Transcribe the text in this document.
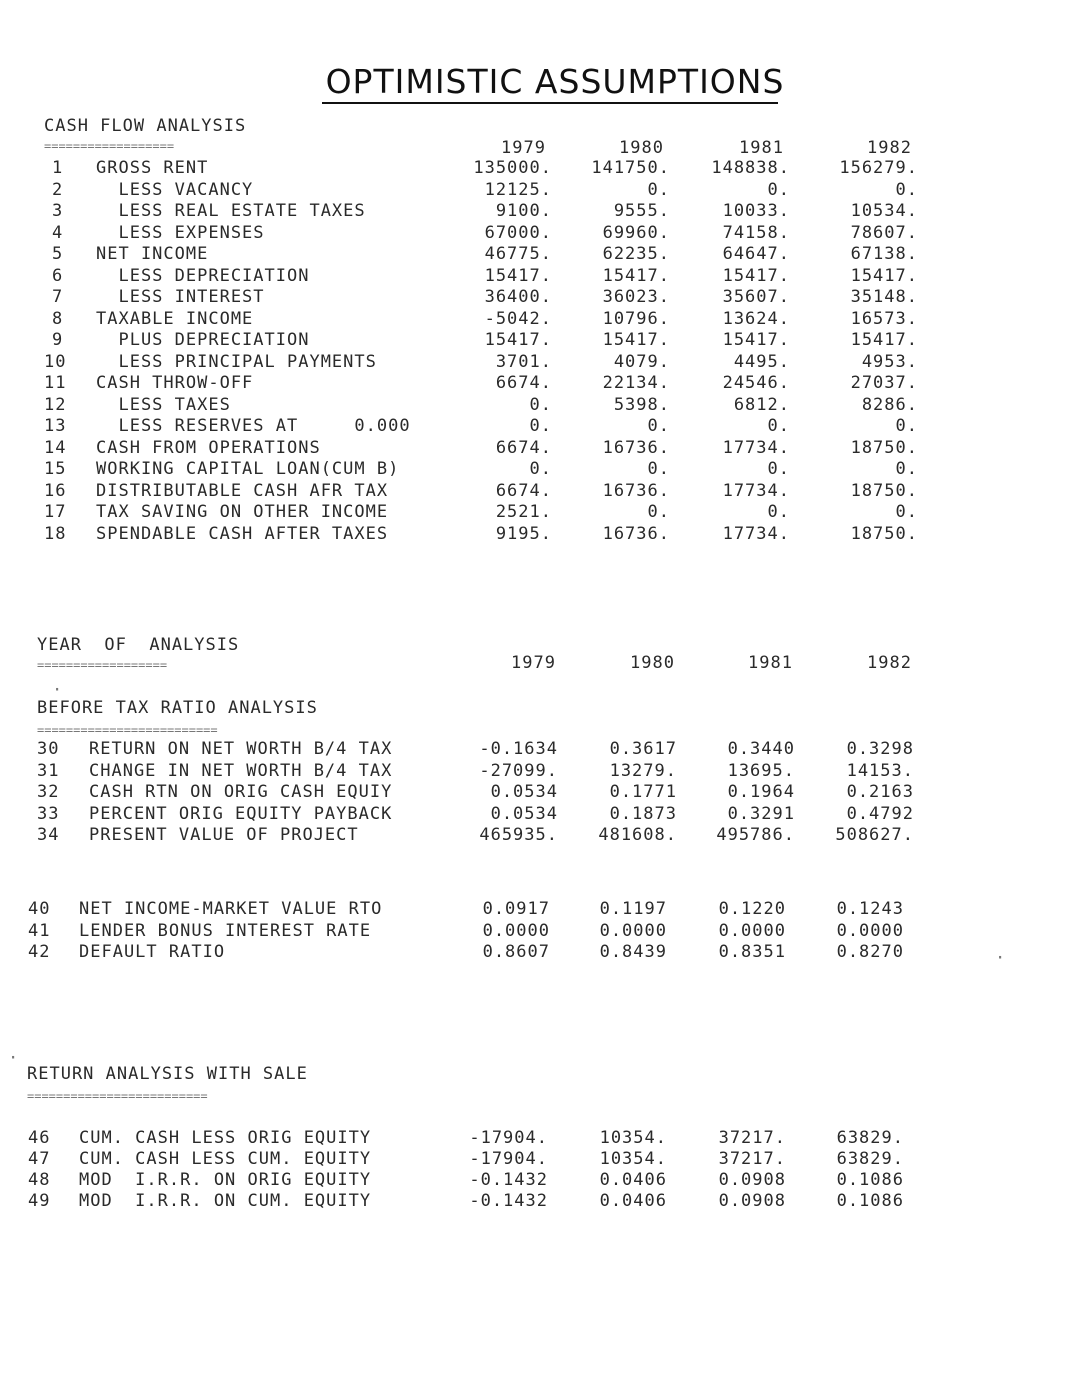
OPTIMISTIC ASSUMPTIONS
CASH FLOW ANALYSIS
==================	1979	1980	1981	1982
1 GROSS RENT	135000.	141750.	148838.	156279.
2 LESS VACANCY	12125.	0.	0.	0.
3 LESS REAL ESTATE TAXES	9100.	9555.	10033.	10534.
4 LESS EXPENSES	67000.	69960.	74158.	78607.
5 NET INCOME	46775.	62235.	64647.	67138.
6 LESS DEPRECIATION	15417.	15417.	15417.	15417.
7 LESS INTEREST	36400.	36023.	35607.	35148.
8 TAXABLE INCOME	-5042.	10796.	13624.	16573.
9 PLUS DEPRECIATION	15417.	15417.	15417.	15417.
10 LESS PRINCIPAL PAYMENTS	3701.	4079.	4495.	4953.
11 CASH THROW-OFF	6674.	22134.	24546.	27037.
12 LESS TAXES	0.	5398.	6812.	8286.
13 LESS RESERVES AT     0.000	0.	0.	0.	0.
14 CASH FROM OPERATIONS	6674.	16736.	17734.	18750.
15 WORKING CAPITAL LOAN(CUM B)	0.	0.	0.	0.
16 DISTRIBUTABLE CASH AFR TAX	6674.	16736.	17734.	18750.
17 TAX SAVING ON OTHER INCOME	2521.	0.	0.	0.
18 SPENDABLE CASH AFTER TAXES	9195.	16736.	17734.	18750.
YEAR  OF  ANALYSIS
==================	1979	1980	1981	1982
BEFORE TAX RATIO ANALYSIS
=========================
30 RETURN ON NET WORTH B/4 TAX	-0.1634	0.3617	0.3440	0.3298
31 CHANGE IN NET WORTH B/4 TAX	-27099.	13279.	13695.	14153.
32 CASH RTN ON ORIG CASH EQUIY	0.0534	0.1771	0.1964	0.2163
33 PERCENT ORIG EQUITY PAYBACK	0.0534	0.1873	0.3291	0.4792
34 PRESENT VALUE OF PROJECT	465935.	481608.	495786.	508627.
40 NET INCOME-MARKET VALUE RTO	0.0917	0.1197	0.1220	0.1243
41 LENDER BONUS INTEREST RATE	0.0000	0.0000	0.0000	0.0000
42 DEFAULT RATIO	0.8607	0.8439	0.8351	0.8270
RETURN ANALYSIS WITH SALE
=========================
46 CUM. CASH LESS ORIG EQUITY	-17904.	10354.	37217.	63829.
47 CUM. CASH LESS CUM. EQUITY	-17904.	10354.	37217.	63829.
48 MOD  I.R.R. ON ORIG EQUITY	-0.1432	0.0406	0.0908	0.1086
49 MOD  I.R.R. ON CUM. EQUITY	-0.1432	0.0406	0.0908	0.1086
·
·
·
